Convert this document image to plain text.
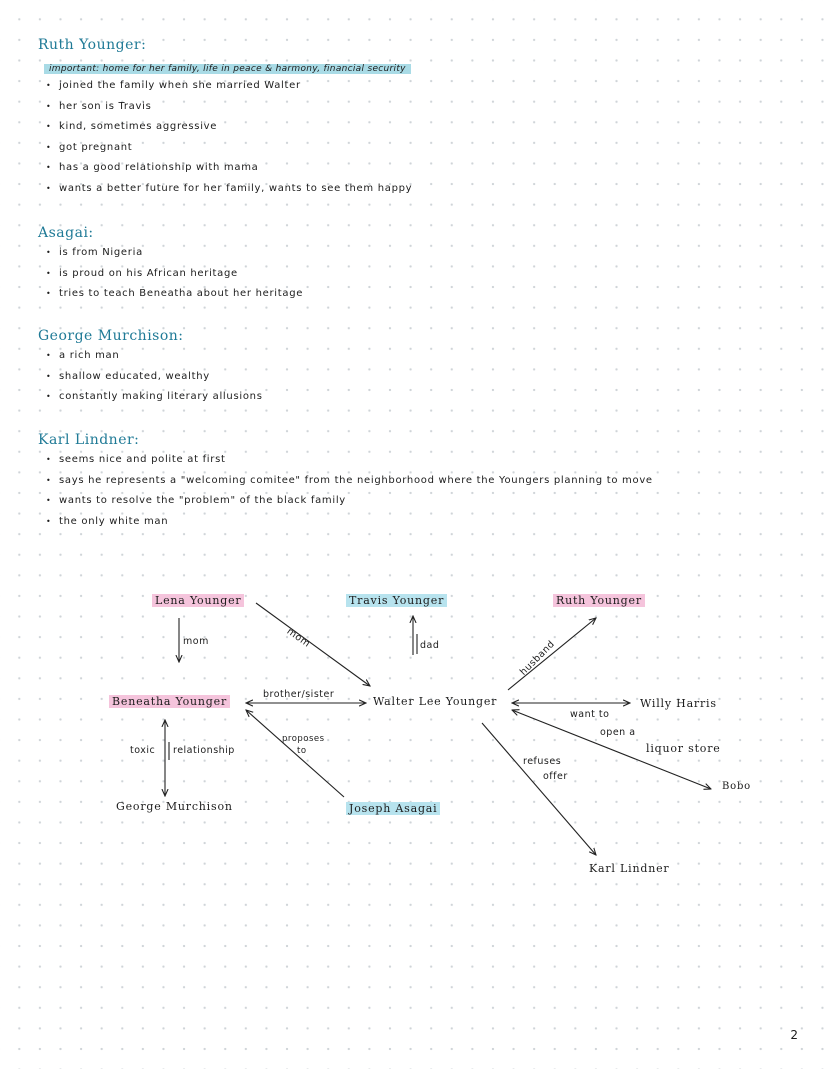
Ruth Younger:
important: home for her family, life in peace & harmony, financial security
• joined the family when she married Walter
• her son is Travis
• kind, sometimes aggressive
• got pregnant
• has a good relationship with mama
• wants a better future for her family, wants to see them happy
Asagai:
• is from Nigeria
• is proud on his African heritage
• tries to teach Beneatha about her heritage
George Murchison:
• a rich man
• shallow educated, wealthy
• constantly making literary allusions
Karl Lindner:
• seems nice and polite at first
• says he represents a "welcoming comitee" from the neighborhood where the Youngers planning to move
• wants to resolve the "problem" of the black family
• the only white man
Lena Younger	Travis Younger	Ruth Younger
Beneatha Younger	Walter Lee Younger	Willy Harris
liquor store
Bobo
George Murchison	Joseph Asagai
Karl Lindner
mom	mom	dad	husband
brother/sister
want to
open a
toxic relationship
proposes
to
refuses
offer
2
